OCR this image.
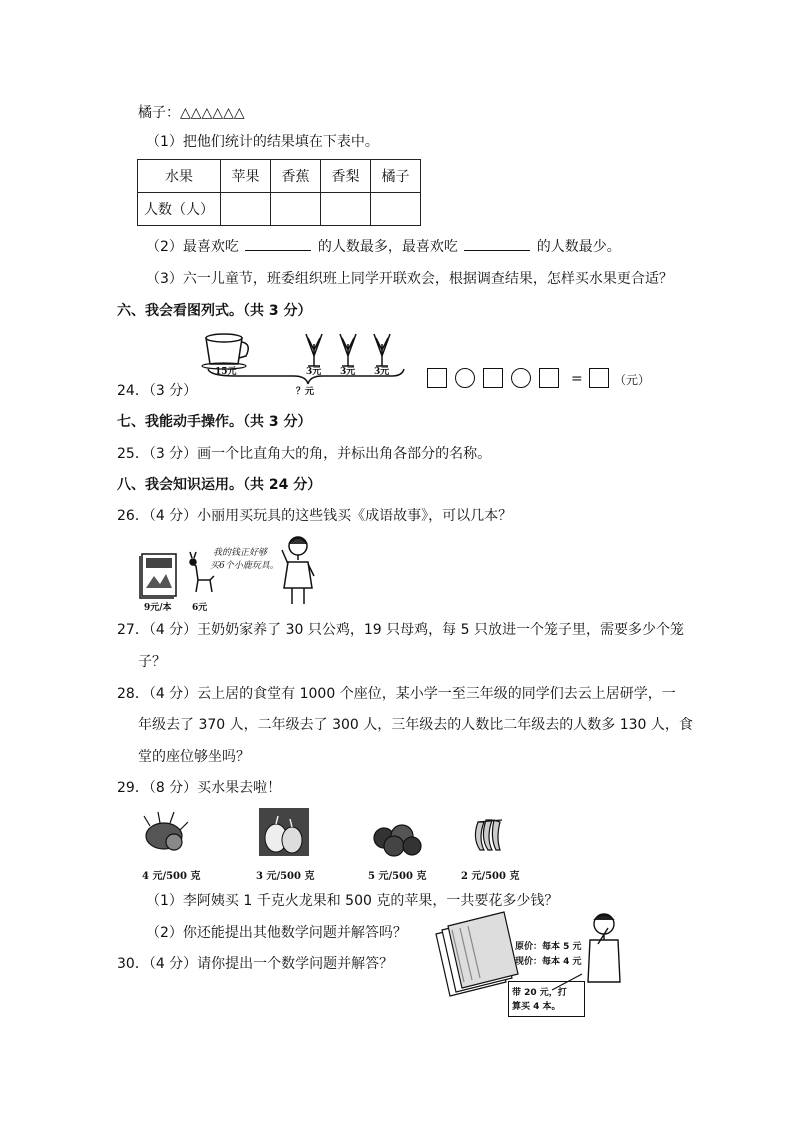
橘子：△△△△△△
（1）把他们统计的结果填在下表中。
水果	苹果	香蕉	香梨	橘子
人数（人）				
（2）最喜欢吃	的人数最多，最喜欢吃	的人数最少。
（3）六一儿童节，班委组织班上同学开联欢会，根据调查结果，怎样买水果更合适？
六、我会看图列式。（共 3 分）
15元	3元 3元 3元
？元
24．（3 分）
=	（元）
七、我能动手操作。（共 3 分）
25．（3 分）画一个比直角大的角，并标出角各部分的名称。
八、我会知识运用。（共 24 分）
26．（4 分）小丽用买玩具的这些钱买《成语故事》，可以几本？
我的钱正好够
买6个小鹿玩具。
9元/本 6元
27．（4 分）王奶奶家养了 30 只公鸡，19 只母鸡，每 5 只放进一个笼子里，需要多少个笼
子？
28．（4 分）云上居的食堂有 1000 个座位，某小学一至三年级的同学们去云上居研学，一
年级去了 370 人，二年级去了 300 人，三年级去的人数比二年级去的人数多 130 人，食
堂的座位够坐吗？
29．（8 分）买水果去啦！
4 元/500 克	3 元/500 克	5 元/500 克	2 元/500 克
（1）李阿姨买 1 千克火龙果和 500 克的苹果，一共要花多少钱？
（2）你还能提出其他数学问题并解答吗？
30．（4 分）请你提出一个数学问题并解答？
原价：每本 5 元
现价：每本 4 元
带 20 元，打
算买 4 本。
